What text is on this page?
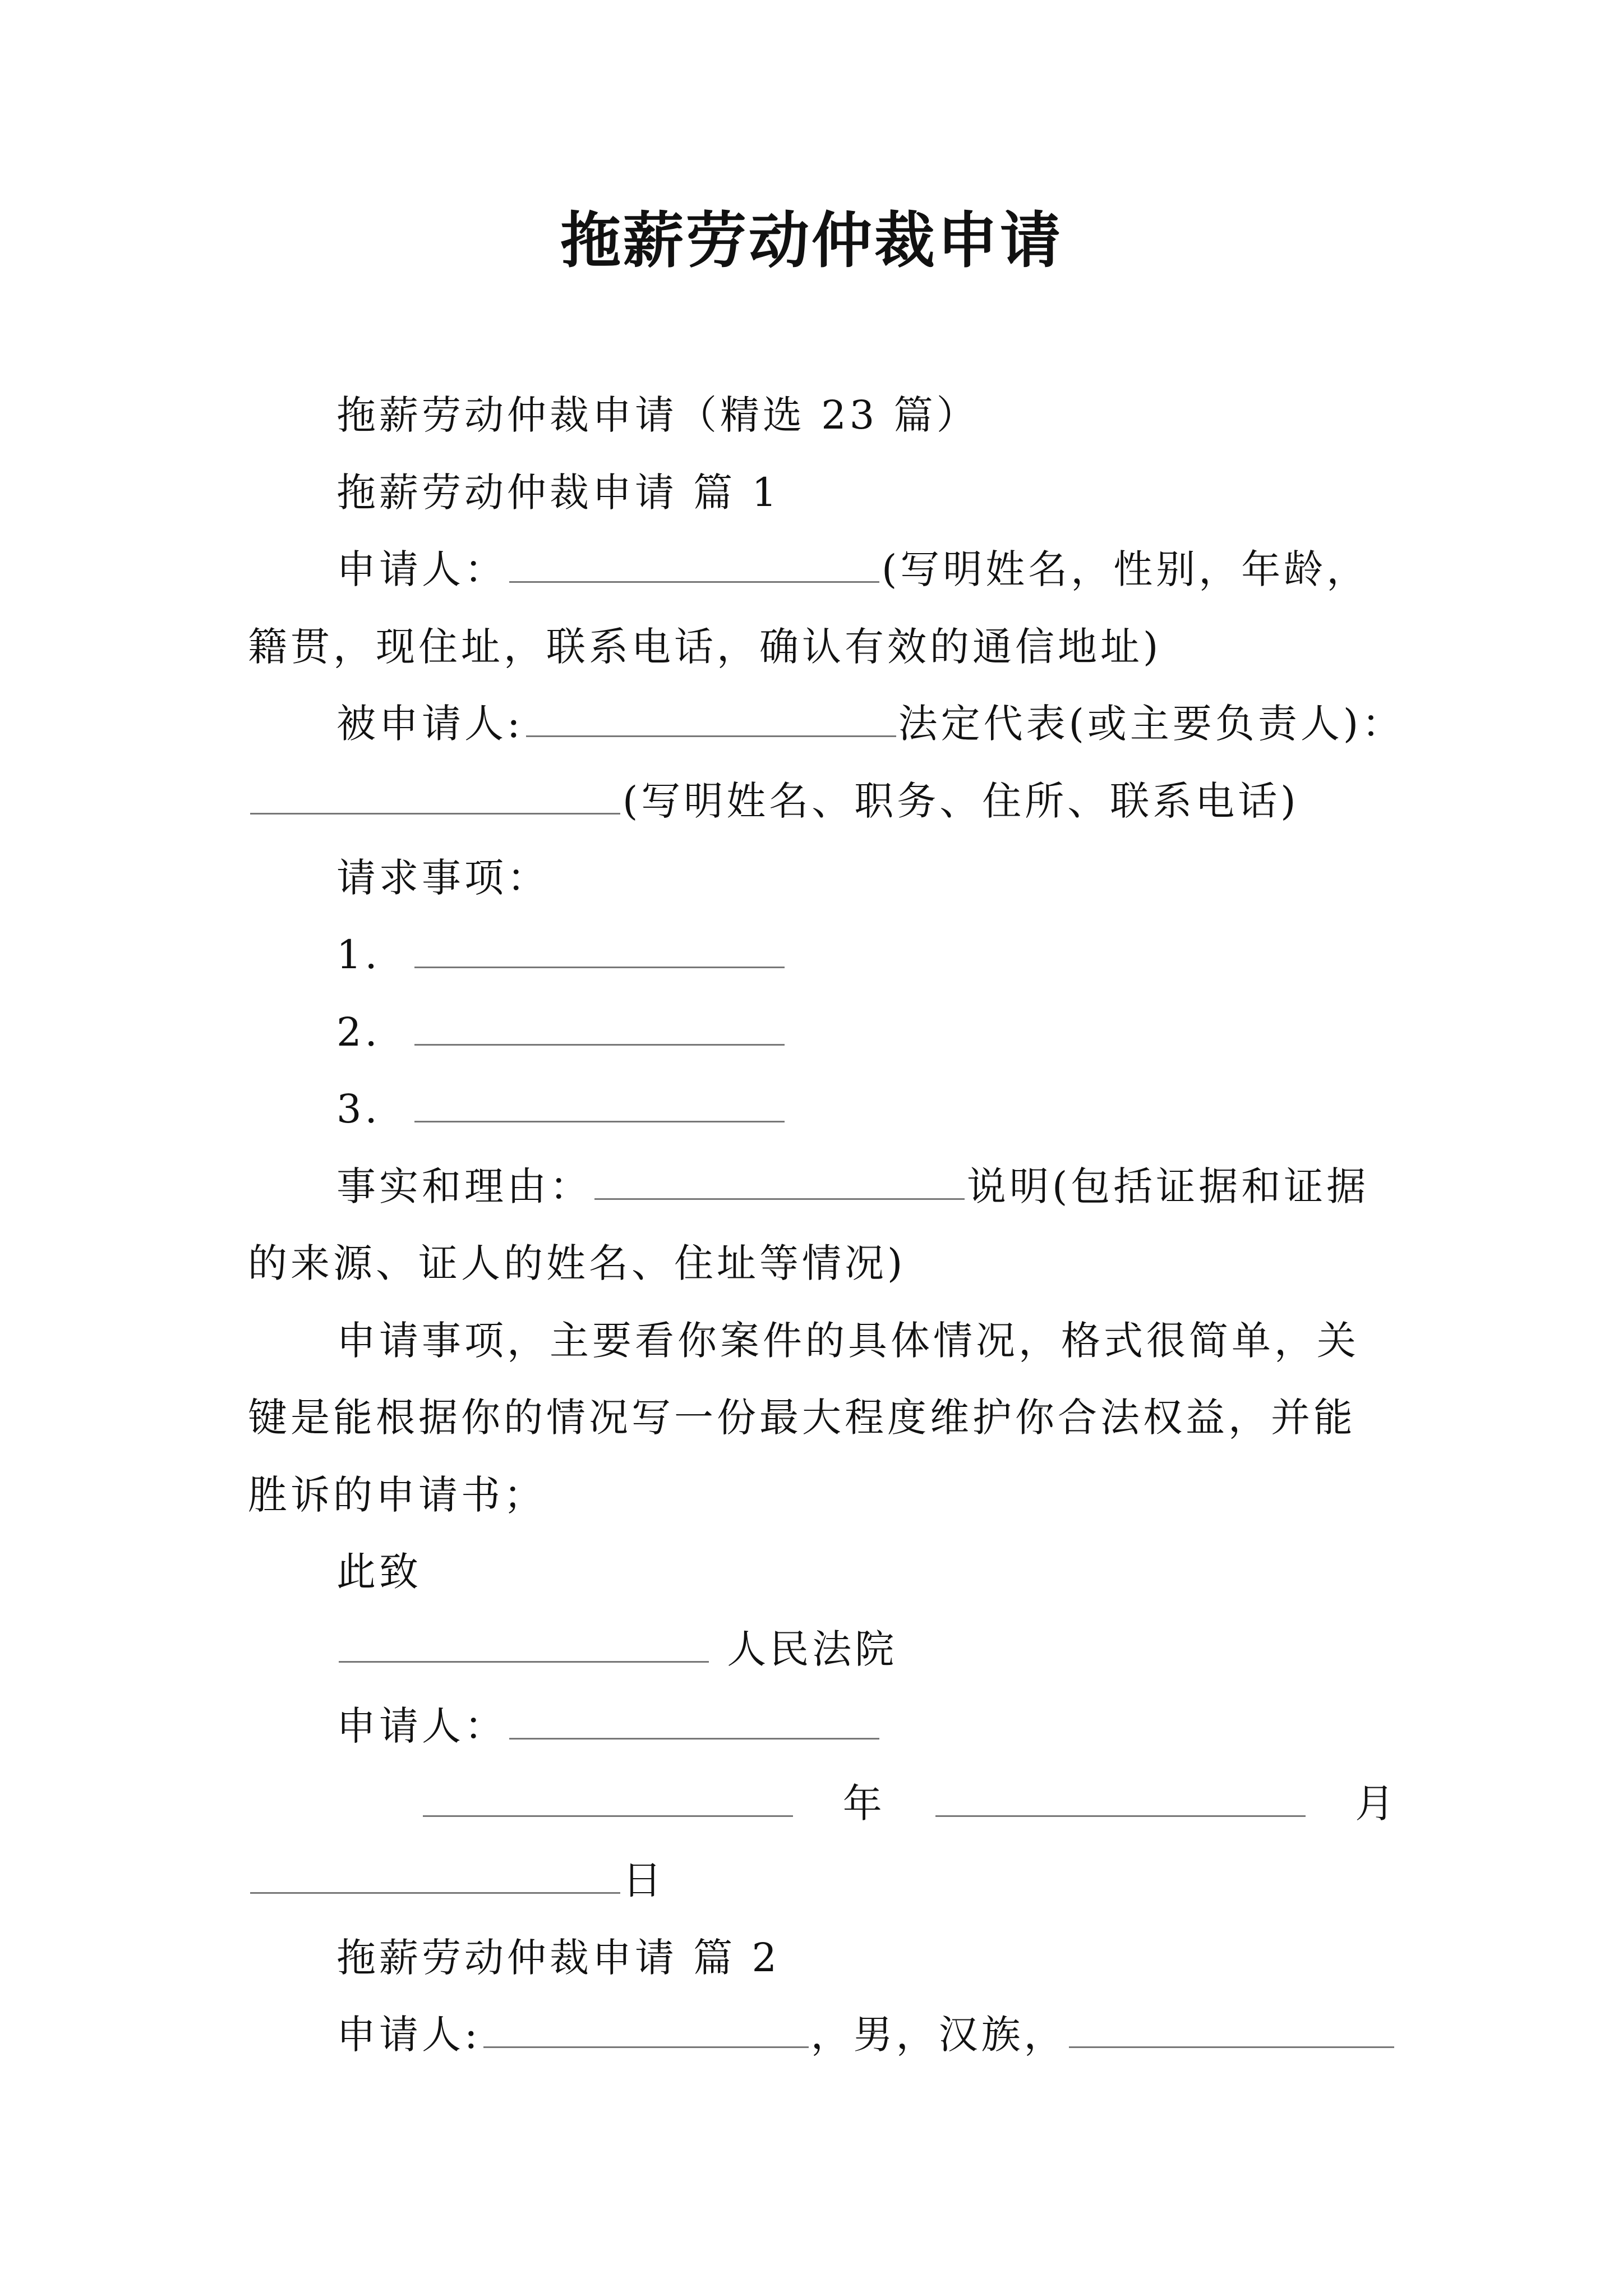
拖薪劳动仲裁申请
拖薪劳动仲裁申请（精选 23 篇）
拖薪劳动仲裁申请 篇 1
申请人：	(写明姓名，性别，年龄，
籍贯，现住址，联系电话，确认有效的通信地址)
被申请人:	法定代表(或主要负责人)：
(写明姓名、职务、住所、联系电话)
请求事项：
1.
2.
3.
事实和理由：	说明(包括证据和证据
的来源、证人的姓名、住址等情况)
申请事项，主要看你案件的具体情况，格式很简单，关
键是能根据你的情况写一份最大程度维护你合法权益，并能
胜诉的申请书；
此致
人民法院
申请人：
年	月
日
拖薪劳动仲裁申请 篇 2
申请人:	，男，汉族，
